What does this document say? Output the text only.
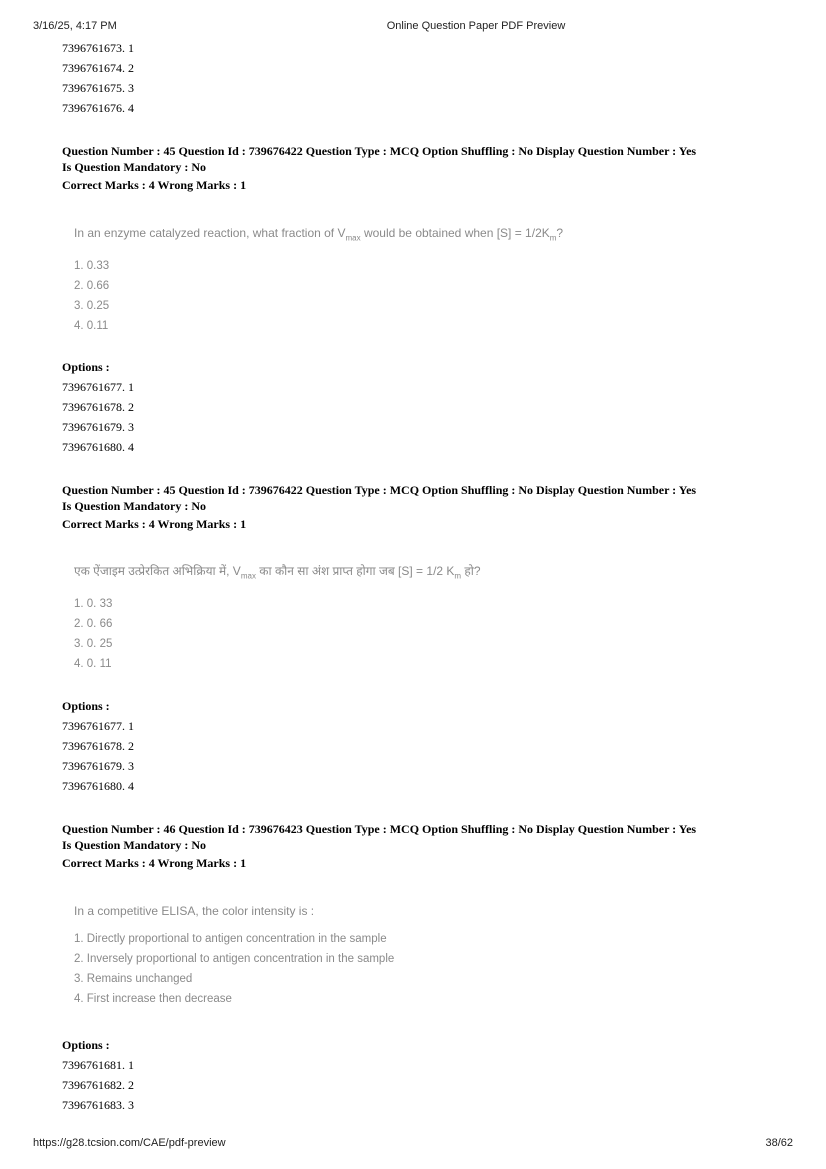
3/16/25, 4:17 PM	Online Question Paper PDF Preview
7396761673. 1
7396761674. 2
7396761675. 3
7396761676. 4
Question Number : 45 Question Id : 739676422 Question Type : MCQ Option Shuffling : No Display Question Number : Yes
Is Question Mandatory : No
Correct Marks : 4 Wrong Marks : 1
In an enzyme catalyzed reaction, what fraction of $V_{max}$ would be obtained when $[S] = 1/2K_m$?
1. 0.33
2. 0.66
3. 0.25
4. 0.11
Options :
7396761677. 1
7396761678. 2
7396761679. 3
7396761680. 4
Question Number : 45 Question Id : 739676422 Question Type : MCQ Option Shuffling : No Display Question Number : Yes
Is Question Mandatory : No
Correct Marks : 4 Wrong Marks : 1
एक ऐंजाइम उत्प्रेरकित अभिक्रिया में, $V_{max}$ का कौन सा अंश प्राप्त होगा जब [S] = 1/2 $K_m$ हो?
1. 0. 33
2. 0. 66
3. 0. 25
4. 0. 11
Options :
7396761677. 1
7396761678. 2
7396761679. 3
7396761680. 4
Question Number : 46 Question Id : 739676423 Question Type : MCQ Option Shuffling : No Display Question Number : Yes
Is Question Mandatory : No
Correct Marks : 4 Wrong Marks : 1
In a competitive ELISA, the color intensity is :
1. Directly proportional to antigen concentration in the sample
2. Inversely proportional to antigen concentration in the sample
3. Remains unchanged
4. First increase then decrease
Options :
7396761681. 1
7396761682. 2
7396761683. 3
https://g28.tcsion.com/CAE/pdf-preview	38/62
